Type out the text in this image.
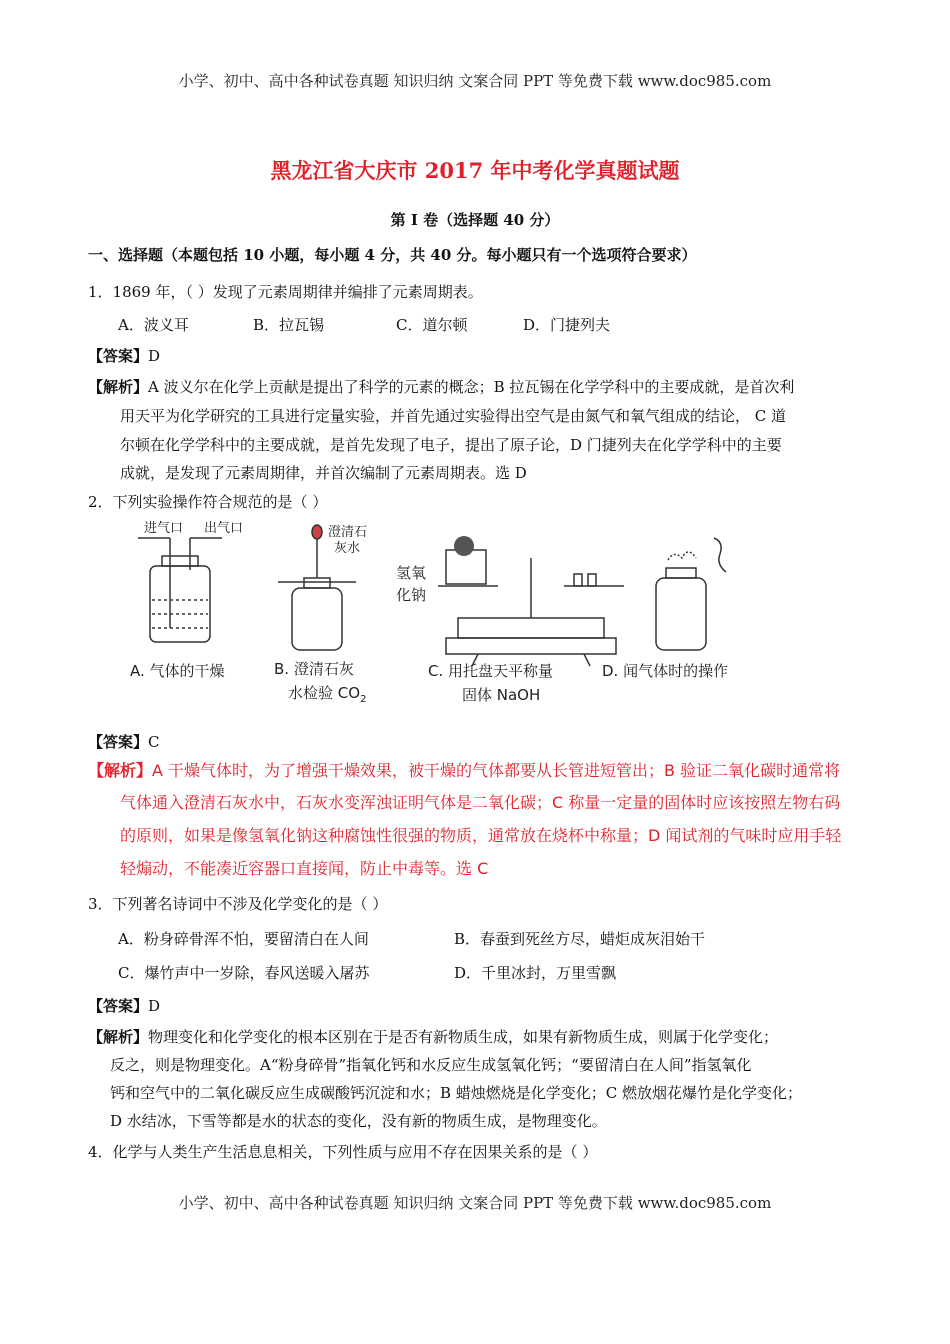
小学、初中、高中各种试卷真题 知识归纳 文案合同 PPT 等免费下载 www.doc985.com
黑龙江省大庆市 2017 年中考化学真题试题
第 I 卷（选择题 40 分）
一、选择题（本题包括 10 小题，每小题 4 分，共 40 分。每小题只有一个选项符合要求）
1．1869 年，（ ）发现了元素周期律并编排了元素周期表。
A．波义耳	B．拉瓦锡	C．道尔顿	D．门捷列夫
【答案】D
【解析】A 波义尔在化学上贡献是提出了科学的元素的概念；B 拉瓦锡在化学学科中的主要成就，是首次利
用天平为化学研究的工具进行定量实验，并首先通过实验得出空气是由氮气和氧气组成的结论， C 道
尔顿在化学学科中的主要成就，是首先发现了电子，提出了原子论，D 门捷列夫在化学学科中的主要
成就，是发现了元素周期律，并首次编制了元素周期表。选 D
2．下列实验操作符合规范的是（ ）
进气口 出气口	澄清石
灰水
氢氧
化钠
A. 气体的干燥	B. 澄清石灰
水检验 $CO_2$
C. 用托盘天平称量
固体 NaOH
D. 闻气体时的操作
【答案】C
【解析】A 干燥气体时，为了增强干燥效果，被干燥的气体都要从长管进短管出；B 验证二氧化碳时通常将
气体通入澄清石灰水中，石灰水变浑浊证明气体是二氧化碳；C 称量一定量的固体时应该按照左物右码
的原则，如果是像氢氧化钠这种腐蚀性很强的物质，通常放在烧杯中称量；D 闻试剂的气味时应用手轻
轻煽动，不能凑近容器口直接闻，防止中毒等。选 C
3．下列著名诗词中不涉及化学变化的是（ ）
A．粉身碎骨浑不怕，要留清白在人间	B．春蚕到死丝方尽，蜡炬成灰泪始干
C．爆竹声中一岁除，春风送暖入屠苏	D．千里冰封，万里雪飘
【答案】D
【解析】物理变化和化学变化的根本区别在于是否有新物质生成，如果有新物质生成，则属于化学变化；
反之，则是物理变化。A“粉身碎骨”指氧化钙和水反应生成氢氧化钙；“要留清白在人间”指氢氧化
钙和空气中的二氧化碳反应生成碳酸钙沉淀和水；B 蜡烛燃烧是化学变化；C 燃放烟花爆竹是化学变化；
D 水结冰，下雪等都是水的状态的变化，没有新的物质生成，是物理变化。
4．化学与人类生产生活息息相关，下列性质与应用不存在因果关系的是（ ）
小学、初中、高中各种试卷真题 知识归纳 文案合同 PPT 等免费下载 www.doc985.com
